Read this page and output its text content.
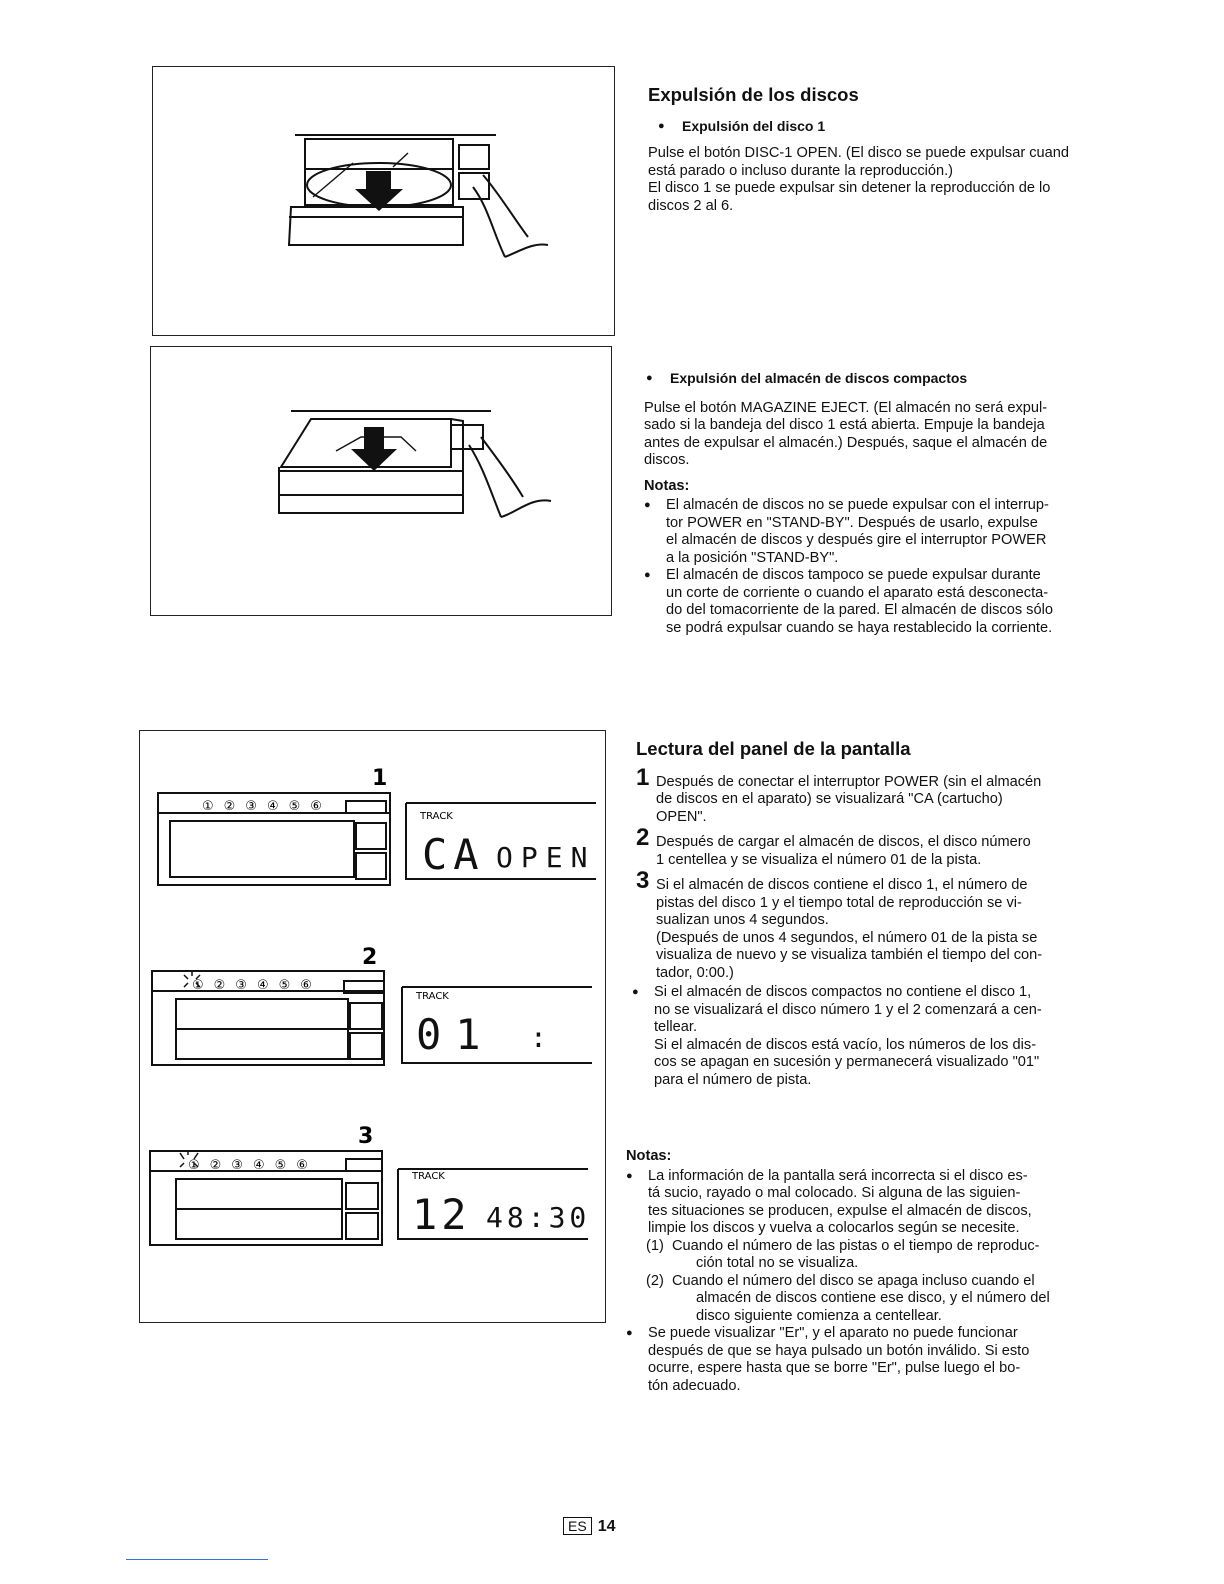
1
2
3
①②③④⑤⑥
①②③④⑤⑥
①②③④⑤⑥
TRACK
TRACK
TRACK
CA OPEN
01 :
12 48:30
Expulsión de los discos
● Expulsión del disco 1

Pulse el botón DISC-1 OPEN. (El disco se puede expulsar cuand

está parado o incluso durante la reproducción.)

El disco 1 se puede expulsar sin detener la reproducción de lo

discos 2 al 6.

● Expulsión del almacén de discos compactos

Pulse el botón MAGAZINE EJECT. (El almacén no será expul-

sado si la bandeja del disco 1 está abierta. Empuje la bandeja

antes de expulsar el almacén.) Después, saque el almacén de

discos.

Notas:

● El almacén de discos no se puede expulsar con el interrup-

tor POWER en "STAND-BY". Después de usarlo, expulse

el almacén de discos y después gire el interruptor POWER

a la posición "STAND-BY".

● El almacén de discos tampoco se puede expulsar durante

un corte de corriente o cuando el aparato está desconecta-

do del tomacorriente de la pared. El almacén de discos sólo

se podrá expulsar cuando se haya restablecido la corriente.

Lectura del panel de la pantalla
1 Después de conectar el interruptor POWER (sin el almacén

de discos en el aparato) se visualizará "CA (cartucho)

OPEN".

2 Después de cargar el almacén de discos, el disco número

1 centellea y se visualiza el número 01 de la pista.

3 Si el almacén de discos contiene el disco 1, el número de

pistas del disco 1 y el tiempo total de reproducción se vi-

sualizan unos 4 segundos.

(Después de unos 4 segundos, el número 01 de la pista se

visualiza de nuevo y se visualiza también el tiempo del con-

tador, 0:00.)

● Si el almacén de discos compactos no contiene el disco 1,

no se visualizará el disco número 1 y el 2 comenzará a cen-

tellear.

Si el almacén de discos está vacío, los números de los dis-

cos se apagan en sucesión y permanecerá visualizado "01"

para el número de pista.

Notas:

● La información de la pantalla será incorrecta si el disco es-

tá sucio, rayado o mal colocado. Si alguna de las siguien-

tes situaciones se producen, expulse el almacén de discos,

limpie los discos y vuelva a colocarlos según se necesite.

(1) Cuando el número de las pistas o el tiempo de reproduc-

ción total no se visualiza.

(2) Cuando el número del disco se apaga incluso cuando el

almacén de discos contiene ese disco, y el número del

disco siguiente comienza a centellear.

● Se puede visualizar "Er", y el aparato no puede funcionar

después de que se haya pulsado un botón inválido. Si esto

ocurre, espere hasta que se borre "Er", pulse luego el bo-

tón adecuado.

ES 14
